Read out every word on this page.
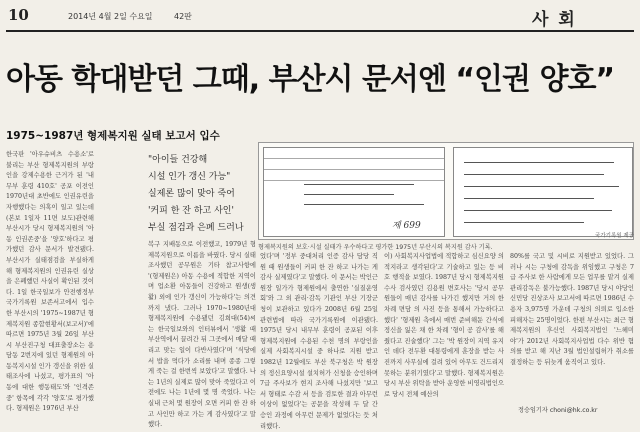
10	2014년 4월 2일 수요일	42판	사회
아동 학대받던 그때, 부산시 문서엔 “인권 양호”
1975~1987년 형제복지원 실태 보고서 입수
한국판 '아우슈비츠 수용소'로 불리는 부산 형제복지원의 부랑인을 강제수용한 근거가 된 '내무부 훈령 410호' 공포 이전인 1970년대 초반에도 인권유린을 자행했다는 의혹이 일고 있는데(본보 1일자 11면 보도)관련해 부산시가 당시 형제복지원의 '아동 인권존중'을 '양호'하다고 평가했던 감사 문서가 발견됐다. 부산시가 실태점검을 부실하게 해 형제복지원의 인권유린 실상을 은폐했던 사실이 확인된 것이다. 1일 한국일보가 안전행정부 국가기록원 보존서고에서 입수한 부산시의 '1975~1987년 형제복지원 종합현황서(보고서)'에 따르면 1975년 3월 26일 부산시 부산진구청 대표출장소는 용담동 2번지에 있던 형제원의 아동복지시설 인가 갱신을 위한 실태조사에 나섰고, 평가표의 '아동에 대한 행동태도'와 '인격존중' 항목에 각각 '양호'로 평가했다. 형제원은 1976년 부산
"아이들 건강해
시설 인가 갱신 가능"
실제론 많이 맞아 죽어
'커피 한 잔 하고 사인'
부실 점검과 은폐 드러나
복구 지배동으로 이전했고, 1979년 형제복지원으로 이름을 바꿨다. 당시 실태조사했던 공무원은 기타 참고사항에 '(형제원은) 아동 수용에 적합한 지역이며 업소환 아동들이 건강하고 원생(생활) 외에 인가 갱신이 가능하다'는 의견까지 냈다. 그러나 1970~1980년대 형제복지원에 수용됐던 김희대(54)씨는 한국일보와의 인터뷰에서 '생활 때 부산역에서 끌려간 뒤 그곳에서 매달 때리고 맞는 일이 다반사였다'며 '식당에서 밥을 먹다가 소리를 내며 종종 그렇게 죽는 걸 한번씩 보았다'고 말했다. 나는 1년의 실제로 많이 맞아 죽었다고 이전에도 나는 1년에 몇 명 죽었다. 나는 실내 근처 몇 원장이 오면 커피 한 잔 하고 사인만 하고 가는 게 감사였다'고 말했다.
제 699
국가기록원 제공
형제복지원의 보호·시설 실태가 우수하다고 평가한 1975년 부산시의 복지원 감사 기록.
었다'며 '정부 중대처리 인증 감사 담당 직원 때 원생들이 커피 한 잔 하고 나가는 게 감사 실제였다'고 말했다. 이 문서는 박인근 원장 일가가 형제원에서 출연한 '실질운영 회'와 그 외 관리·감독 기관인 부산 기장군청이 보관하고 있다가 2008년 6월 25일 관련법에 따라 국가기록원에 이관됐다. 1975년 당시 내무부 훈령이 공포된 이후 형제복지원에 수용된 수천 명의 부랑인을 실제 사회복지시설 중 하나로 지원 받고 1982년 12월에도 부산 북구청은 박 원장의 정신요양시설 설치허가 신청을 승인하며 7급 주사보가 현지 조사해 나섰지만 '보고서 형태로 수감 서 등을 검토한 결과 아무런 이상이 없었다'는 공문을 작성해 두 달 간 승인 과정에 아무런 문제가 없었다는 듯 처리했다.
이) 사회복지사업법에 적합하고 심신요양 의 적지라고 생각된다'고 기술하고 있는 등 비호 행적을 보였다. 1987년 당시 형제복지원 수사 검사였던 김용원 변호사는 '당시 공무원들이 매년 감사를 나가긴 했지만 거의 한 차례 면담 의 사진 등을 통해서 가능하다고 했다' '형제원 측에서 매번 준비해둔 간식에 정신을 잃은 채 한 차례 '형이 공 감사'를 해줬다고 진술했다' 그는 '박 원장이 지역 유지인 데다 전두환 대통령에게 훈장을 받는 사진까지 사무실에 걸려 있어 아무도 건드리지 못하는 분위기였다'고 말했다. 형제복지원은 당시 부산 위탁을 받아 운영한 비영리법인으로 당시 전체 예산의
80%를 국고 및 시비로 지원받고 있었다. 그러나 시는 구청에 감독을 위임했고 구청은 7급 주사보 한 사람에게 모든 업무를 맡겨 실제 관리감독은 불가능했다. 1987년 당시 야당인 신민당 진상조사 보고서에 따르면 1986년 수용자 3,975명 가운데 구청의 의뢰로 입소한 피해자는 25명이었다. 한편 부산시는 최근 형제복지원의 후신인 사회복지법인 '느헤미야'가 2012년 사회복지사업법 다수 위반 혐의를 받고 해 지난 3월 법인설립허가 취소를 결정하는 등 뒤늦게 움직이고 있다.
정승임기자 choni@hk.co.kr
